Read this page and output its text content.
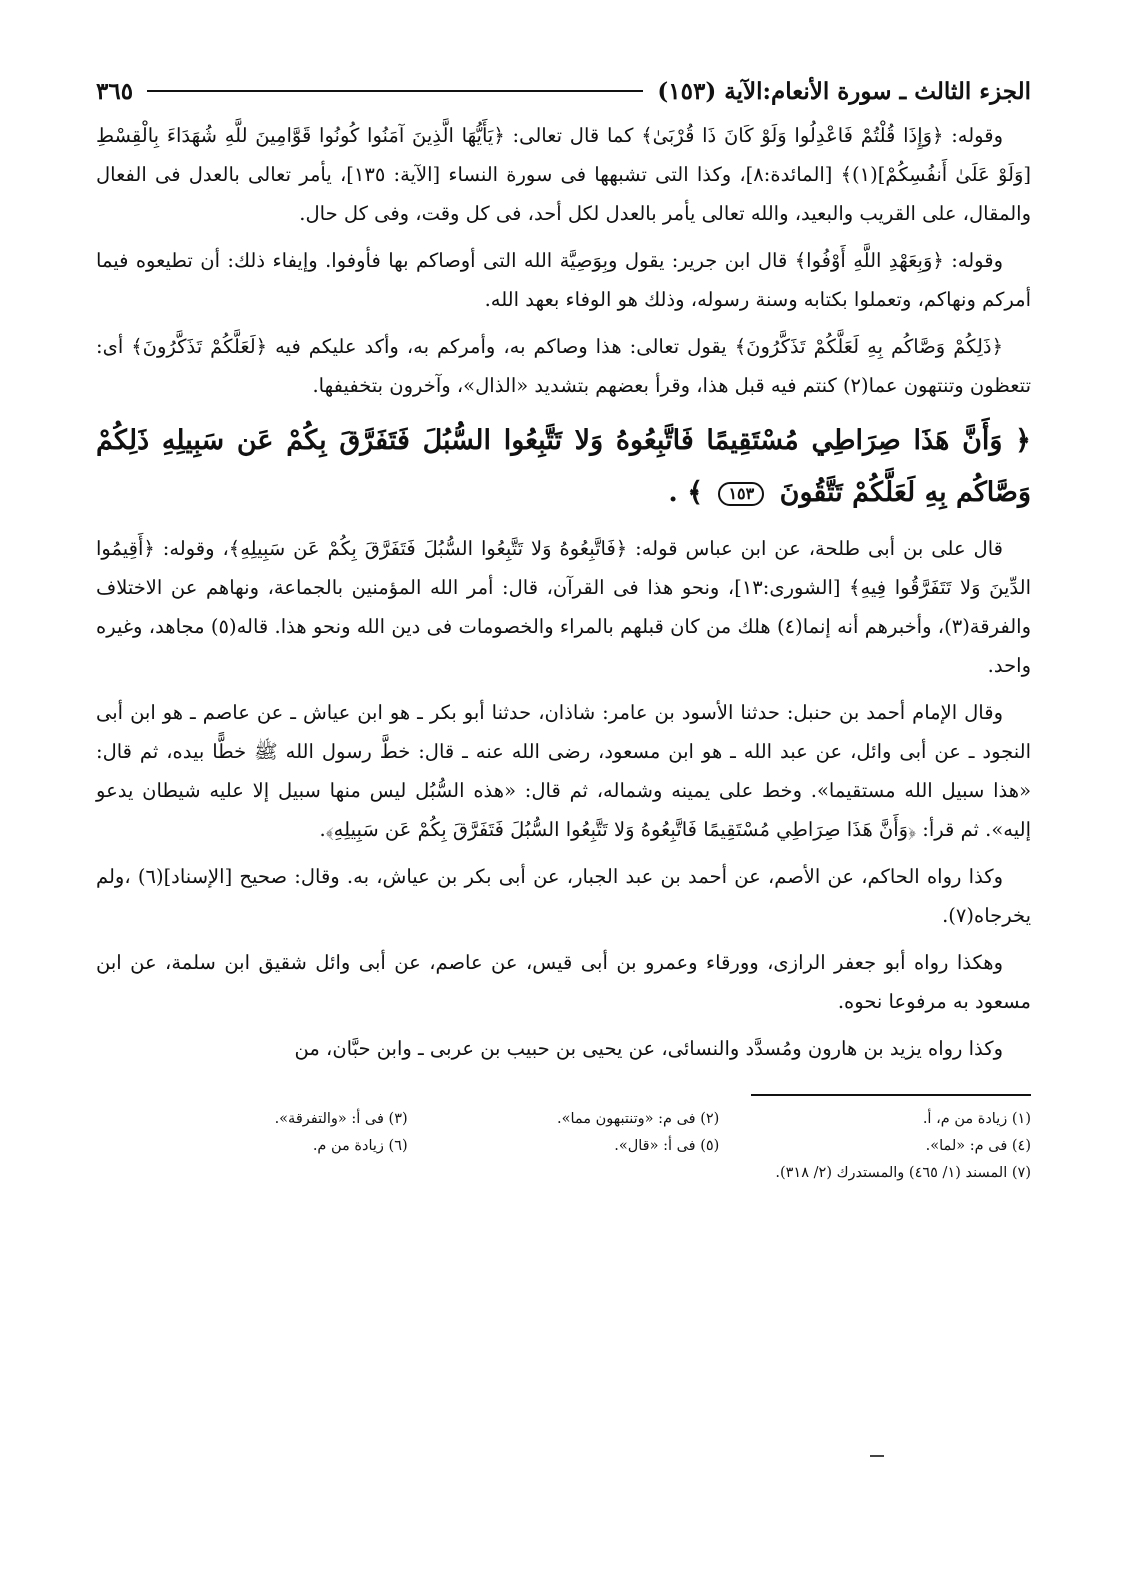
الجزء الثالث ـ سورة الأنعام:الآية (١٥٣)
٣٦٥

وقوله: ﴿وَإِذَا قُلْتُمْ فَاعْدِلُوا وَلَوْ كَانَ ذَا قُرْبَىٰ﴾ كما قال تعالى: ﴿يَأَيُّهَا الَّذِينَ آمَنُوا كُونُوا قَوَّامِينَ للَّهِ شُهَدَاءَ بِالْقِسْطِ [وَلَوْ عَلَىٰ أَنفُسِكُمْ](١)﴾ [المائدة:٨]، وكذا التى تشبهها فى سورة النساء [الآية: ١٣٥]، يأمر تعالى بالعدل فى الفعال والمقال، على القريب والبعيد، والله تعالى يأمر بالعدل لكل أحد، فى كل وقت، وفى كل حال.

وقوله: ﴿وَبِعَهْدِ اللَّهِ أَوْفُوا﴾ قال ابن جرير: يقول وبِوَصِيَّة الله التى أوصاكم بها فأوفوا. وإيفاء ذلك: أن تطيعوه فيما أمركم ونهاكم، وتعملوا بكتابه وسنة رسوله، وذلك هو الوفاء بعهد الله.

﴿ذَلِكُمْ وَصَّاكُم بِهِ لَعَلَّكُمْ تَذَكَّرُونَ﴾ يقول تعالى: هذا وصاكم به، وأمركم به، وأكد عليكم فيه ﴿لَعَلَّكُمْ تَذَكَّرُونَ﴾ أى: تتعظون وتنتهون عما(٢) كنتم فيه قبل هذا، وقرأ بعضهم بتشديد «الذال»، وآخرون بتخفيفها.

﴿ وَأَنَّ هَذَا صِرَاطِي مُسْتَقِيمًا فَاتَّبِعُوهُ وَلا تَتَّبِعُوا السُّبُلَ فَتَفَرَّقَ بِكُمْ عَن سَبِيلِهِ ذَلِكُمْ وَصَّاكُم بِهِ لَعَلَّكُمْ تَتَّقُونَ ١٥٣ ﴾ .

قال على بن أبى طلحة، عن ابن عباس قوله: ﴿فَاتَّبِعُوهُ وَلا تَتَّبِعُوا السُّبُلَ فَتَفَرَّقَ بِكُمْ عَن سَبِيلِهِ﴾، وقوله: ﴿أَقِيمُوا الدِّينَ وَلا تَتَفَرَّقُوا فِيهِ﴾ [الشورى:١٣]، ونحو هذا فى القرآن، قال: أمر الله المؤمنين بالجماعة، ونهاهم عن الاختلاف والفرقة(٣)، وأخبرهم أنه إنما(٤) هلك من كان قبلهم بالمراء والخصومات فى دين الله ونحو هذا. قاله(٥) مجاهد، وغيره واحد.

وقال الإمام أحمد بن حنبل: حدثنا الأسود بن عامر: شاذان، حدثنا أبو بكر ـ هو ابن عياش ـ عن عاصم ـ هو ابن أبى النجود ـ عن أبى وائل، عن عبد الله ـ هو ابن مسعود، رضى الله عنه ـ قال: خطَّ رسول الله ﷺ خطًّا بيده، ثم قال: «هذا سبيل الله مستقيما». وخط على يمينه وشماله، ثم قال: «هذه السُّبُل ليس منها سبيل إلا عليه شيطان يدعو إليه». ثم قرأ: ﴿وَأَنَّ هَذَا صِرَاطِي مُسْتَقِيمًا فَاتَّبِعُوهُ وَلا تَتَّبِعُوا السُّبُلَ فَتَفَرَّقَ بِكُمْ عَن سَبِيلِهِ﴾.

وكذا رواه الحاكم، عن الأصم، عن أحمد بن عبد الجبار، عن أبى بكر بن عياش، به. وقال: صحيح [الإسناد](٦) ،ولم يخرجاه(٧).

وهكذا رواه أبو جعفر الرازى، وورقاء وعمرو بن أبى قيس، عن عاصم، عن أبى وائل شقيق ابن سلمة، عن ابن مسعود به مرفوعا نحوه.

وكذا رواه يزيد بن هارون ومُسدَّد والنسائى، عن يحيى بن حبيب بن عربى ـ وابن حبَّان، من

(١) زيادة من م، أ.
(٢) فى م: «وتنتبهون مما».
(٣) فى أ: «والتفرقة».
(٤) فى م: «لما».
(٥) فى أ: «قال».
(٦) زيادة من م.
(٧) المسند (١/ ٤٦٥) والمستدرك (٢/ ٣١٨).
